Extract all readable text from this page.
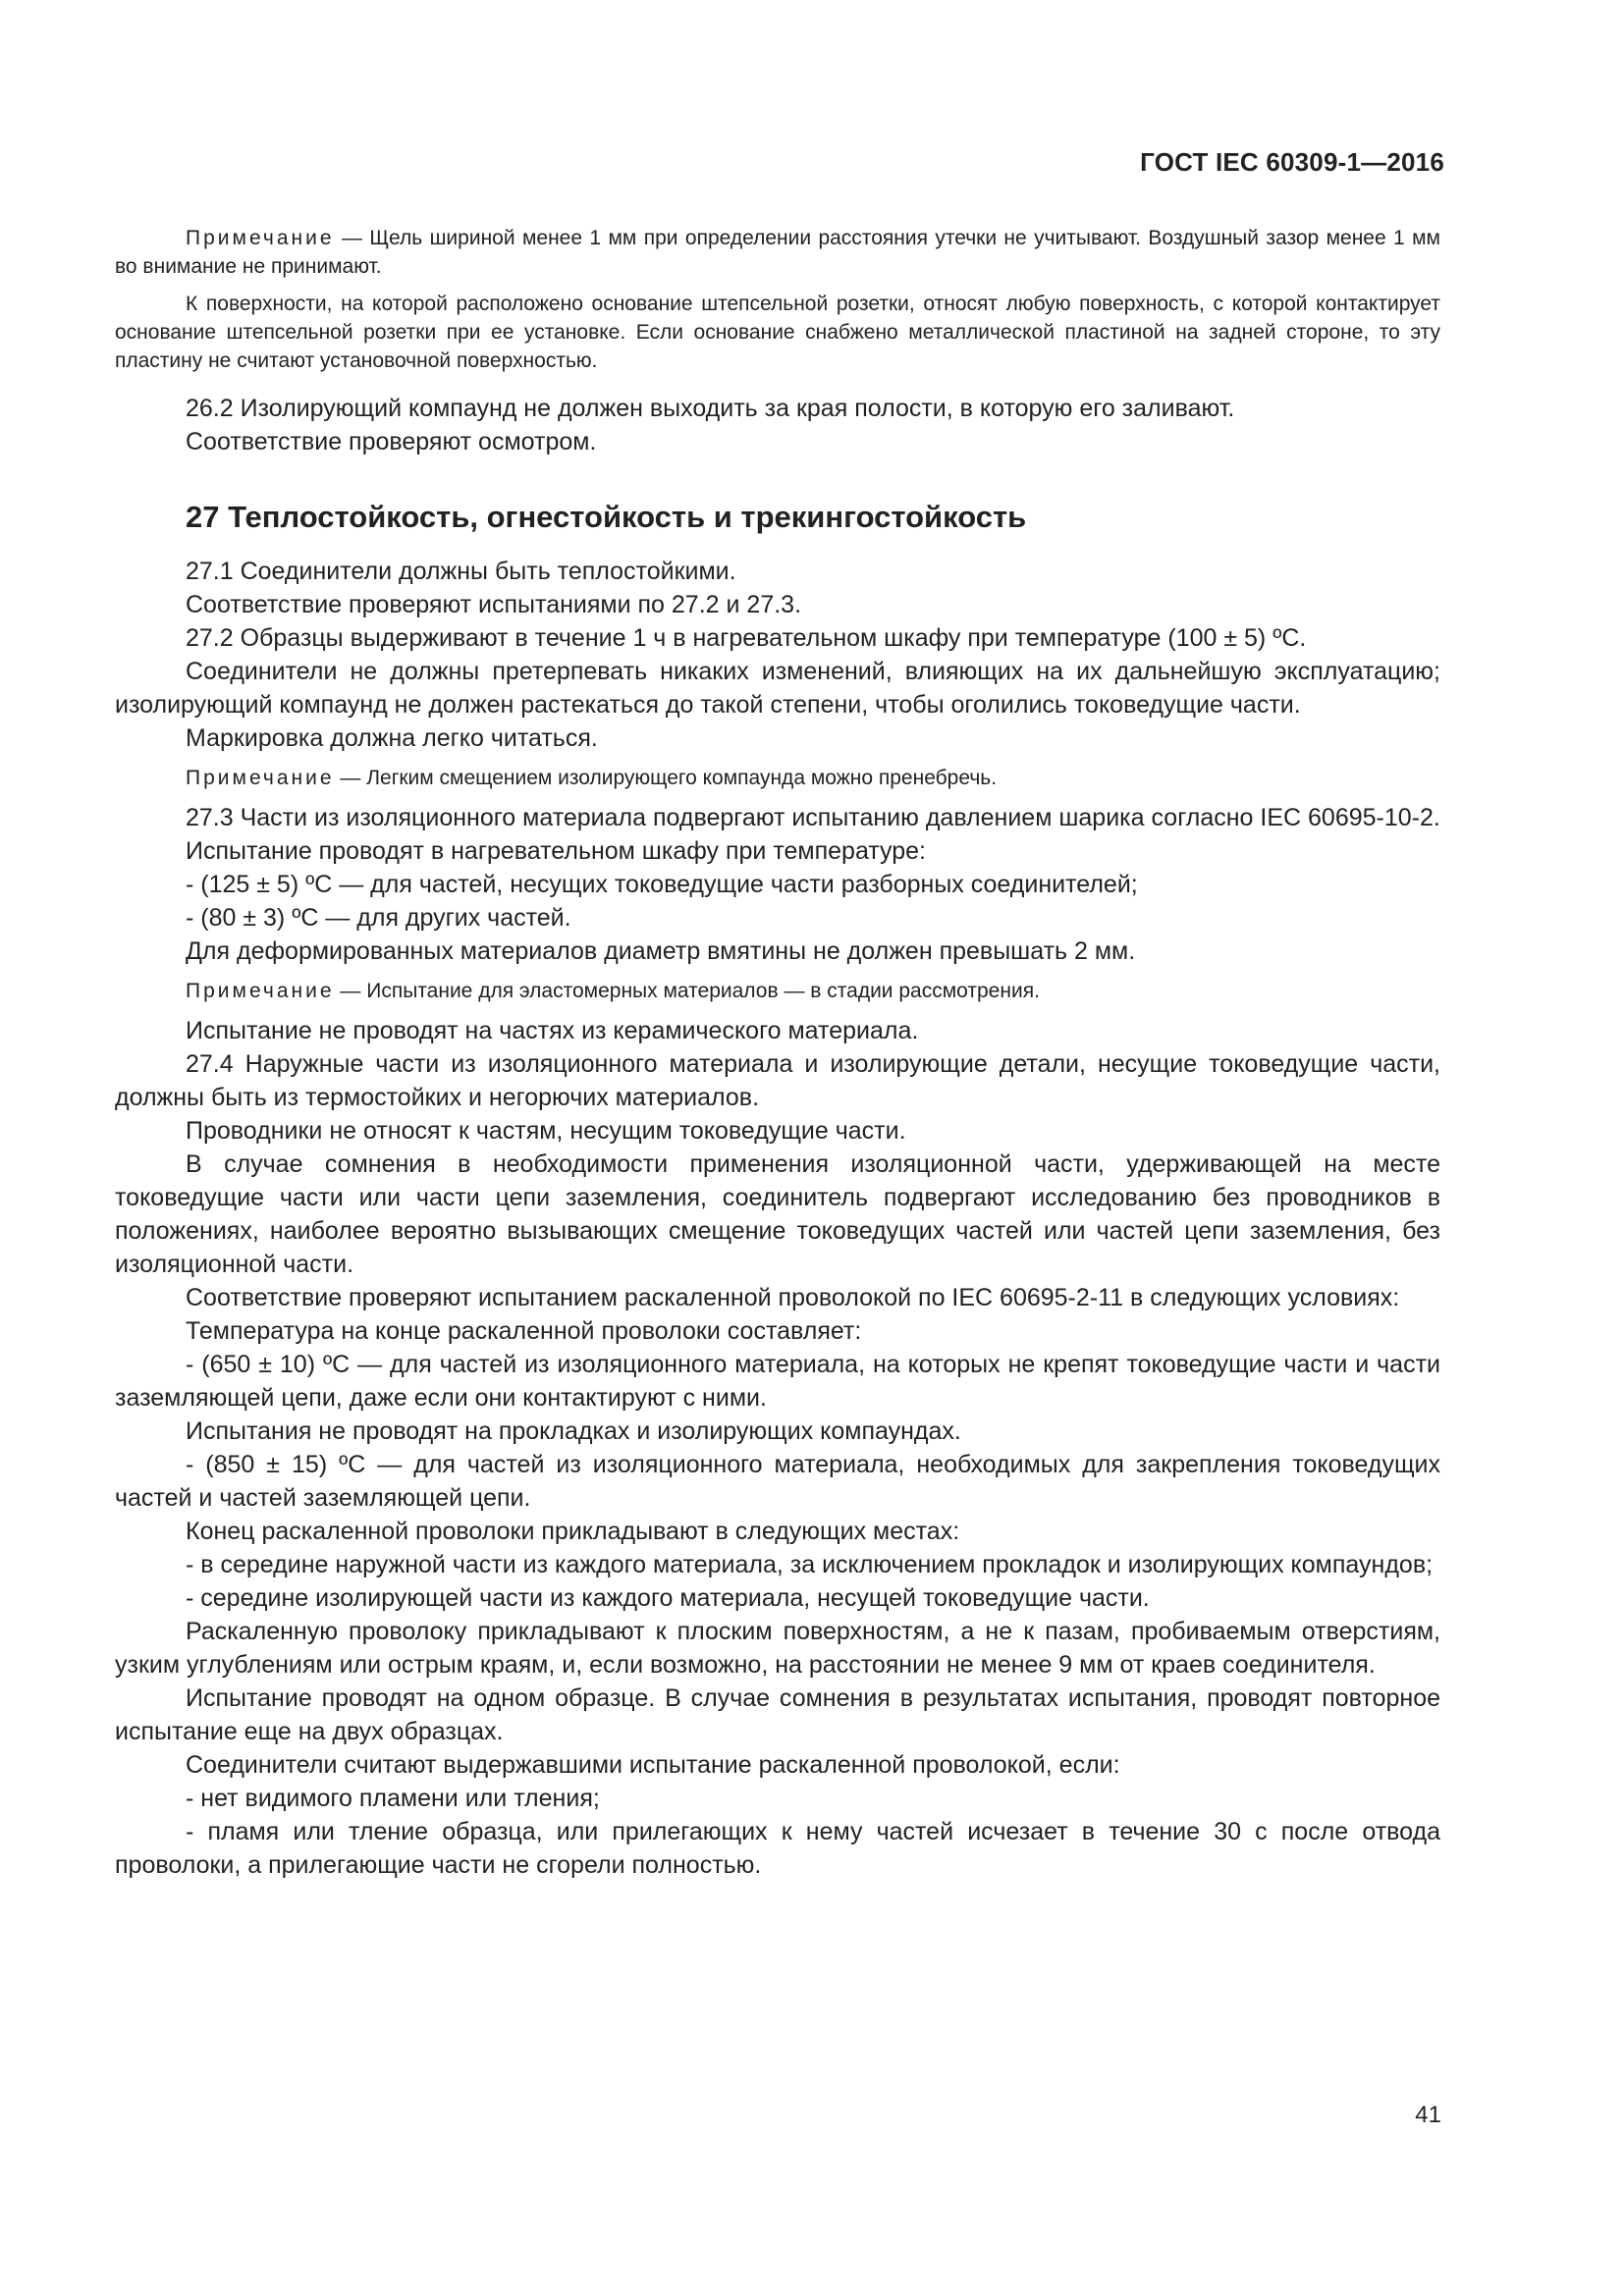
ГОСТ IEC 60309-1—2016

Примечание — Щель шириной менее 1 мм при определении расстояния утечки не учитывают. Воздушный зазор менее 1 мм во внимание не принимают.

К поверхности, на которой расположено основание штепсельной розетки, относят любую поверхность, с которой контактирует основание штепсельной розетки при ее установке. Если основание снабжено металлической пластиной на задней стороне, то эту пластину не считают установочной поверхностью.

26.2 Изолирующий компаунд не должен выходить за края полости, в которую его заливают.

Соответствие проверяют осмотром.

27 Теплостойкость, огнестойкость и трекингостойкость

27.1 Соединители должны быть теплостойкими.

Соответствие проверяют испытаниями по 27.2 и 27.3.

27.2 Образцы выдерживают в течение 1 ч в нагревательном шкафу при температуре (100 ± 5) ºС.

Соединители не должны претерпевать никаких изменений, влияющих на их дальнейшую эксплуатацию; изолирующий компаунд не должен растекаться до такой степени, чтобы оголились токоведущие части.

Маркировка должна легко читаться.

Примечание — Легким смещением изолирующего компаунда можно пренебречь.

27.3 Части из изоляционного материала подвергают испытанию давлением шарика согласно IEC 60695-10-2.

Испытание проводят в нагревательном шкафу при температуре:

- (125 ± 5) ºС — для частей, несущих токоведущие части разборных соединителей;

- (80 ± 3) ºС — для других частей.

Для деформированных материалов диаметр вмятины не должен превышать 2 мм.

Примечание — Испытание для эластомерных материалов — в стадии рассмотрения.

Испытание не проводят на частях из керамического материала.

27.4 Наружные части из изоляционного материала и изолирующие детали, несущие токоведущие части, должны быть из термостойких и негорючих материалов.

Проводники не относят к частям, несущим токоведущие части.

В случае сомнения в необходимости применения изоляционной части, удерживающей на месте токоведущие части или части цепи заземления, соединитель подвергают исследованию без проводников в положениях, наиболее вероятно вызывающих смещение токоведущих частей или частей цепи заземления, без изоляционной части.

Соответствие проверяют испытанием раскаленной проволокой по IEC 60695-2-11 в следующих условиях:

Температура на конце раскаленной проволоки составляет:

- (650 ± 10) ºС — для частей из изоляционного материала, на которых не крепят токоведущие части и части заземляющей цепи, даже если они контактируют с ними.

Испытания не проводят на прокладках и изолирующих компаундах.

- (850 ± 15) ºС — для частей из изоляционного материала, необходимых для закрепления токоведущих частей и частей заземляющей цепи.

Конец раскаленной проволоки прикладывают в следующих местах:

- в середине наружной части из каждого материала, за исключением прокладок и изолирующих компаундов;

- середине изолирующей части из каждого материала, несущей токоведущие части.

Раскаленную проволоку прикладывают к плоским поверхностям, а не к пазам, пробиваемым отверстиям, узким углублениям или острым краям, и, если возможно, на расстоянии не менее 9 мм от краев соединителя.

Испытание проводят на одном образце. В случае сомнения в результатах испытания, проводят повторное испытание еще на двух образцах.

Соединители считают выдержавшими испытание раскаленной проволокой, если:

- нет видимого пламени или тления;

- пламя или тление образца, или прилегающих к нему частей исчезает в течение 30 с после отвода проволоки, а прилегающие части не сгорели полностью.

41
